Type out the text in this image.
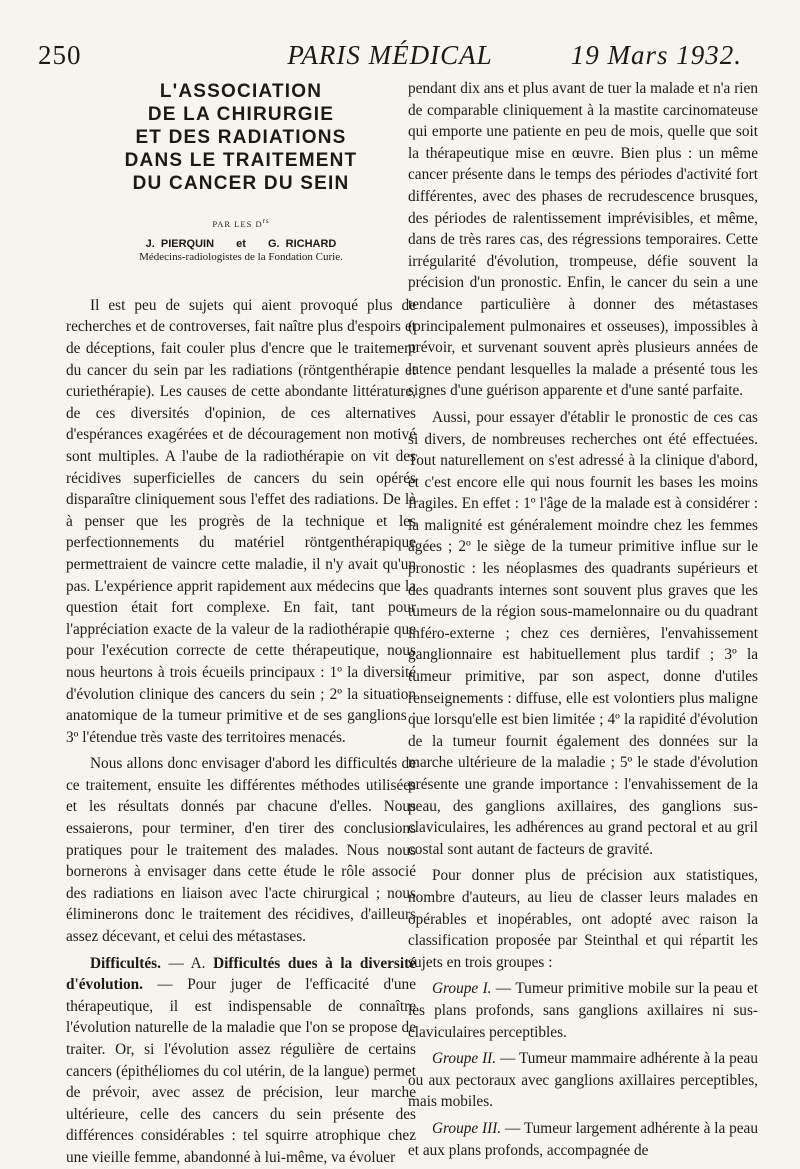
250	PARIS MÉDICAL	19 Mars 1932.
L'ASSOCIATION
DE LA CHIRURGIE
ET DES RADIATIONS
DANS LE TRAITEMENT
DU CANCER DU SEIN
PAR LES $D^{rs}$
J. PIERQUIN et G. RICHARD
Médecins-radiologistes de la Fondation Curie.

Il est peu de sujets qui aient provoqué plus de recherches et de controverses, fait naître plus d'espoirs et de déceptions, fait couler plus d'encre que le traitement du cancer du sein par les radiations (röntgenthérapie et curiethérapie). Les causes de cette abondante littérature, de ces diversités d'opinion, de ces alternatives d'espérances exagérées et de découragement non motivé sont multiples. A l'aube de la radiothérapie on vit des récidives superficielles de cancers du sein opérés disparaître cliniquement sous l'effet des radiations. De là à penser que les progrès de la technique et les perfectionnements du matériel röntgenthérapique permettraient de vaincre cette maladie, il n'y avait qu'un pas. L'expérience apprit rapidement aux médecins que la question était fort complexe. En fait, tant pour l'appréciation exacte de la valeur de la radiothérapie que pour l'exécution correcte de cette thérapeutique, nous nous heurtons à trois écueils principaux : 1º la diversité d'évolution clinique des cancers du sein ; 2º la situation anatomique de la tumeur primitive et de ses ganglions ; 3º l'étendue très vaste des territoires menacés.

Nous allons donc envisager d'abord les difficultés de ce traitement, ensuite les différentes méthodes utilisées et les résultats donnés par chacune d'elles. Nous essaierons, pour terminer, d'en tirer des conclusions pratiques pour le traitement des malades. Nous nous bornerons à envisager dans cette étude le rôle associé des radiations en liaison avec l'acte chirurgical ; nous éliminerons donc le traitement des récidives, d'ailleurs assez décevant, et celui des métastases.

Difficultés. — A. Difficultés dues à la diversité d'évolution. — Pour juger de l'efficacité d'une thérapeutique, il est indispensable de connaître l'évolution naturelle de la maladie que l'on se propose de traiter. Or, si l'évolution assez régulière de certains cancers (épithéliomes du col utérin, de la langue) permet de prévoir, avec assez de précision, leur marche ultérieure, celle des cancers du sein présente des différences considérables : tel squirre atrophique chez une vieille femme, abandonné à lui-même, va évoluer

pendant dix ans et plus avant de tuer la malade et n'a rien de comparable cliniquement à la mastite carcinomateuse qui emporte une patiente en peu de mois, quelle que soit la thérapeutique mise en œuvre. Bien plus : un même cancer présente dans le temps des périodes d'activité fort différentes, avec des phases de recrudescence brusques, des périodes de ralentissement imprévisibles, et même, dans de très rares cas, des régressions temporaires. Cette irrégularité d'évolution, trompeuse, défie souvent la précision d'un pronostic. Enfin, le cancer du sein a une tendance particulière à donner des métastases (principalement pulmonaires et osseuses), impossibles à prévoir, et survenant souvent après plusieurs années de latence pendant lesquelles la malade a présenté tous les signes d'une guérison apparente et d'une santé parfaite.

Aussi, pour essayer d'établir le pronostic de ces cas si divers, de nombreuses recherches ont été effectuées. Tout naturellement on s'est adressé à la clinique d'abord, et c'est encore elle qui nous fournit les bases les moins fragiles. En effet : 1º l'âge de la malade est à considérer : la malignité est généralement moindre chez les femmes âgées ; 2º le siège de la tumeur primitive influe sur le pronostic : les néoplasmes des quadrants supérieurs et des quadrants internes sont souvent plus graves que les tumeurs de la région sous-mamelonnaire ou du quadrant inféro-externe ; chez ces dernières, l'envahissement ganglionnaire est habituellement plus tardif ; 3º la tumeur primitive, par son aspect, donne d'utiles renseignements : diffuse, elle est volontiers plus maligne que lorsqu'elle est bien limitée ; 4º la rapidité d'évolution de la tumeur fournit également des données sur la marche ultérieure de la maladie ; 5º le stade d'évolution présente une grande importance : l'envahissement de la peau, des ganglions axillaires, des ganglions sus-claviculaires, les adhérences au grand pectoral et au gril costal sont autant de facteurs de gravité.

Pour donner plus de précision aux statistiques, nombre d'auteurs, au lieu de classer leurs malades en opérables et inopérables, ont adopté avec raison la classification proposée par Steinthal et qui répartit les sujets en trois groupes :

Groupe I. — Tumeur primitive mobile sur la peau et les plans profonds, sans ganglions axillaires ni sus-claviculaires perceptibles.

Groupe II. — Tumeur mammaire adhérente à la peau ou aux pectoraux avec ganglions axillaires perceptibles, mais mobiles.

Groupe III. — Tumeur largement adhérente à la peau et aux plans profonds, accompagnée de
